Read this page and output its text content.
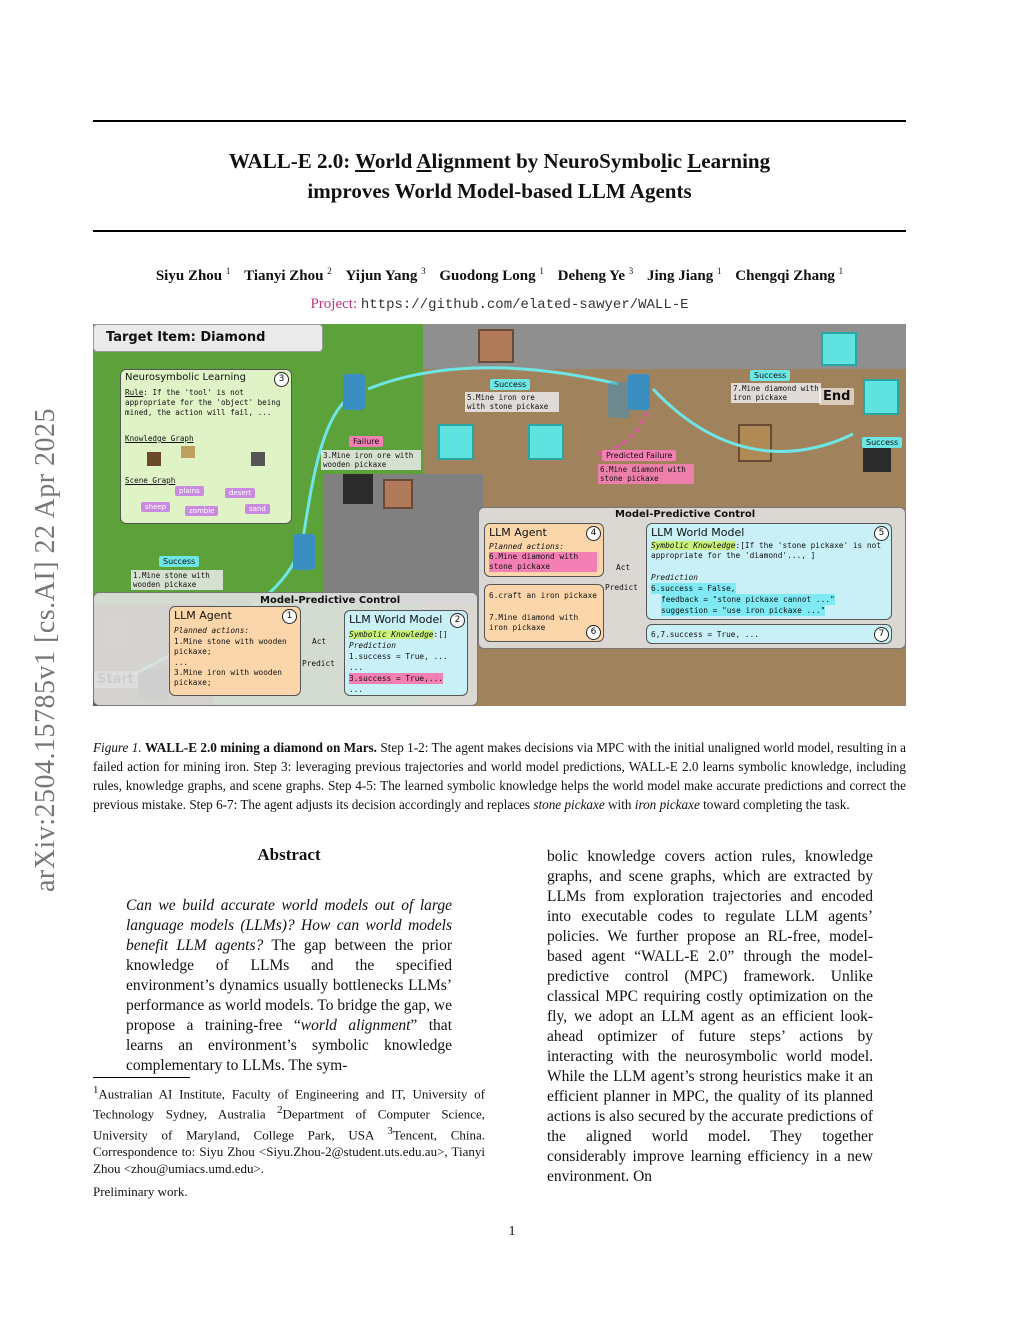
arXiv:2504.15785v1 [cs.AI] 22 Apr 2025
WALL-E 2.0: World Alignment by NeuroSymbolic Learning
improves World Model-based LLM Agents
Siyu Zhou $^1$ Tianyi Zhou $^2$ Yijun Yang $^3$ Guodong Long $^1$ Deheng Ye $^3$ Jing Jiang $^1$ Chengqi Zhang $^1$
Project: https://github.com/elated-sawyer/WALL-E
Target Item: Diamond
Neurosymbolic Learning	3
Rule: If the 'tool' is not appropriate for the 'object' being mined, the action will fail, ...
Knowledge Graph
Scene Graph
plains	desert
sheep	zombie	sand
Success
1.Mine stone with wooden pickaxe
Failure
3.Mine iron ore with wooden pickaxe
Success
5.Mine iron ore with stone pickaxe
Predicted Failure
6.Mine diamond with stone pickaxe
Success
7.Mine diamond with iron pickaxe	End
Success
Model-Predictive Control
LLM Agent	1
Planned actions:
1.Mine stone with wooden pickaxe;
...
3.Mine iron with wooden pickaxe;
Act
Predict
LLM World Model	2
Symbolic Knowledge:[]
Prediction
1.success = True, ...
...
3.success = True,...
...
Model-Predictive Control
LLM Agent	4
Planned actions:
6.Mine diamond with stone pickaxe
6.craft an iron pickaxe
7.Mine diamond with iron pickaxe	6
Act
Predict
LLM World Model	5
Symbolic Knowledge:[If the 'stone pickaxe' is not appropriate for the 'diamond'..., ]
Prediction
6.success = False,
feedback = "stone pickaxe cannot ..."
suggestion = "use iron pickaxe ..."
6,7.success = True, ...	7
Figure 1. WALL-E 2.0 mining a diamond on Mars. Step 1-2: The agent makes decisions via MPC with the initial unaligned world model, resulting in a failed action for mining iron. Step 3: leveraging previous trajectories and world model predictions, WALL-E 2.0 learns symbolic knowledge, including rules, knowledge graphs, and scene graphs. Step 4-5: The learned symbolic knowledge helps the world model make accurate predictions and correct the previous mistake. Step 6-7: The agent adjusts its decision accordingly and replaces stone pickaxe with iron pickaxe toward completing the task.
Abstract
Can we build accurate world models out of large language models (LLMs)? How can world models benefit LLM agents? The gap between the prior knowledge of LLMs and the specified environment’s dynamics usually bottlenecks LLMs’ performance as world models. To bridge the gap, we propose a training-free “world alignment” that learns an environment’s symbolic knowledge complementary to LLMs. The sym-
bolic knowledge covers action rules, knowledge graphs, and scene graphs, which are extracted by LLMs from exploration trajectories and encoded into executable codes to regulate LLM agents’ policies. We further propose an RL-free, model-based agent “WALL-E 2.0” through the model-predictive control (MPC) framework. Unlike classical MPC requiring costly optimization on the fly, we adopt an LLM agent as an efficient look-ahead optimizer of future steps’ actions by interacting with the neurosymbolic world model. While the LLM agent’s strong heuristics make it an efficient planner in MPC, the quality of its planned actions is also secured by the accurate predictions of the aligned world model. They together considerably improve learning efficiency in a new environment. On
$^1$Australian AI Institute, Faculty of Engineering and IT, University of Technology Sydney, Australia $^2$Department of Computer Science, University of Maryland, College Park, USA $^3$Tencent, China. Correspondence to: Siyu Zhou <Siyu.Zhou-2@student.uts.edu.au>, Tianyi Zhou <zhou@umiacs.umd.edu>.
Preliminary work.
1
